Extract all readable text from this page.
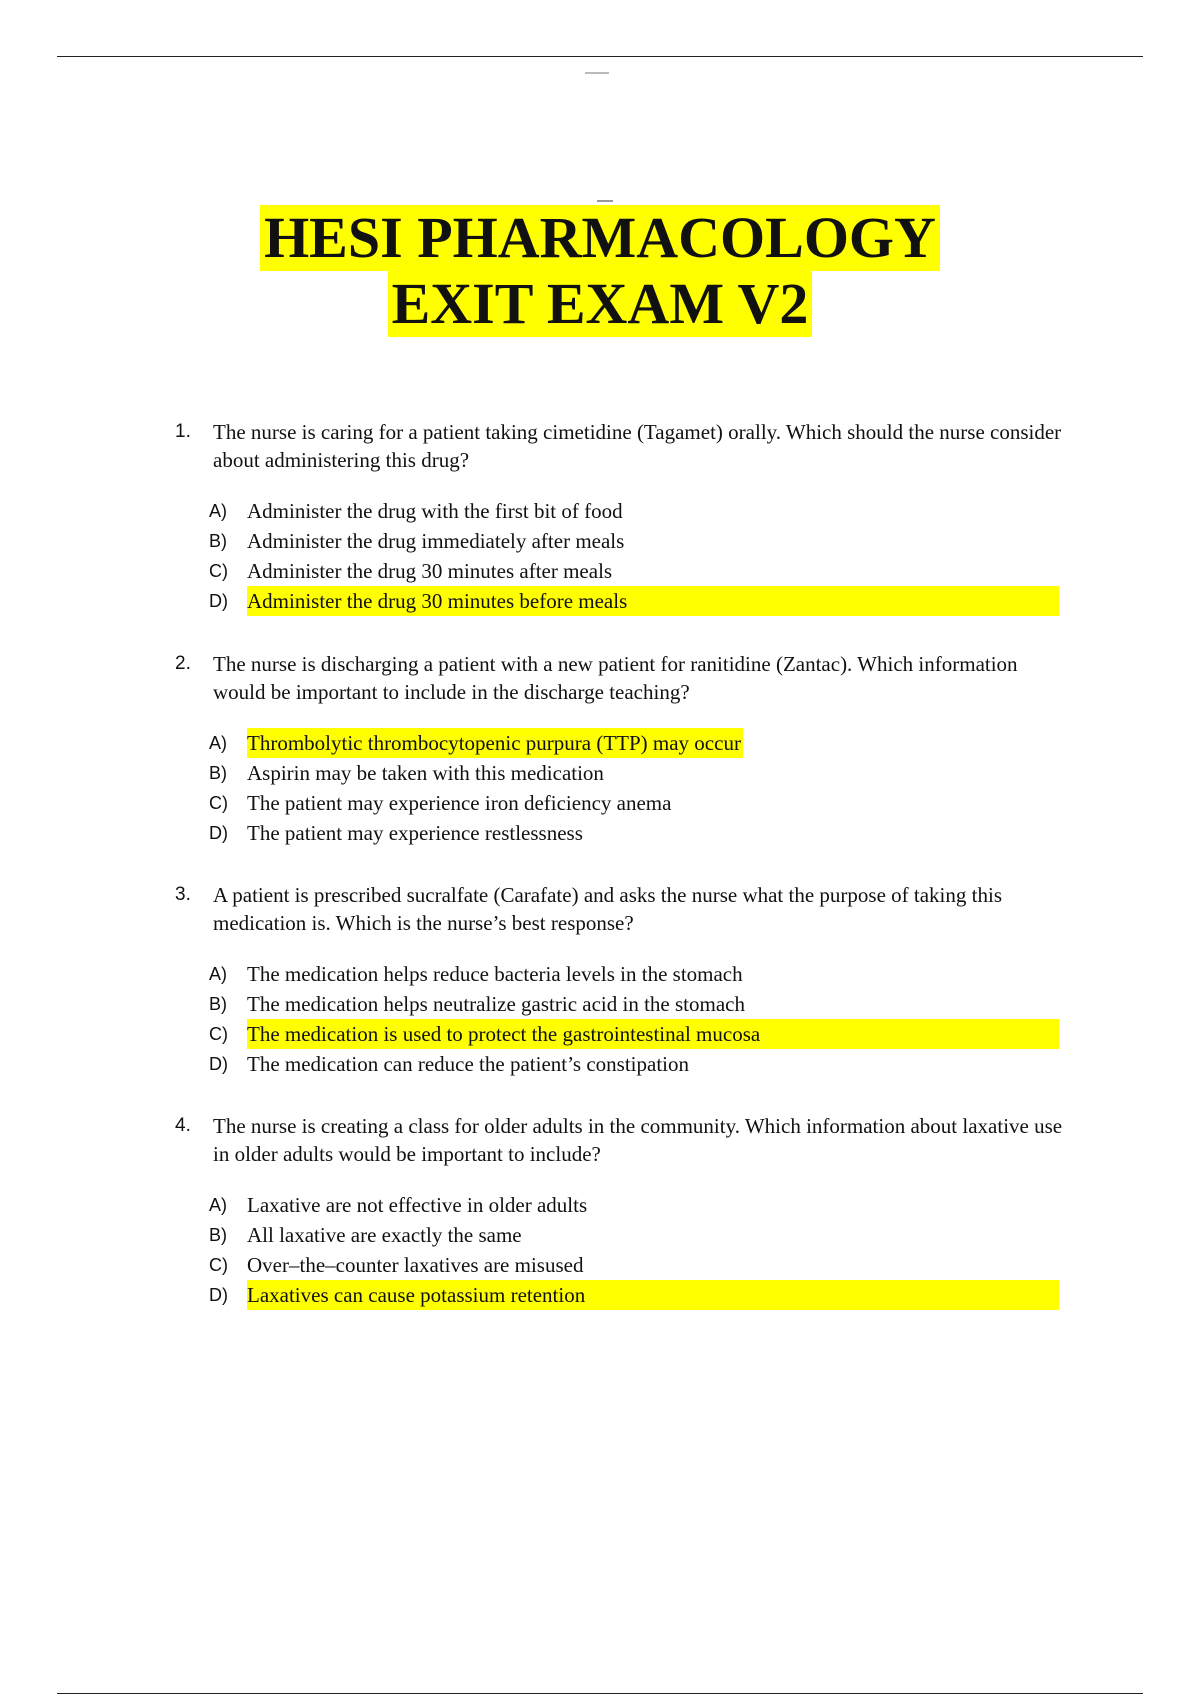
HESI PHARMACOLOGY
EXIT EXAM V2
1. The nurse is caring for a patient taking cimetidine (Tagamet) orally. Which should the nurse consider about administering this drug?
A) Administer the drug with the first bit of food
B) Administer the drug immediately after meals
C) Administer the drug 30 minutes after meals
D) Administer the drug 30 minutes before meals
2. The nurse is discharging a patient with a new patient for ranitidine (Zantac). Which information would be important to include in the discharge teaching?
A) Thrombolytic thrombocytopenic purpura (TTP) may occur
B) Aspirin may be taken with this medication
C) The patient may experience iron deficiency anema
D) The patient may experience restlessness
3. A patient is prescribed sucralfate (Carafate) and asks the nurse what the purpose of taking this medication is. Which is the nurse’s best response?
A) The medication helps reduce bacteria levels in the stomach
B) The medication helps neutralize gastric acid in the stomach
C) The medication is used to protect the gastrointestinal mucosa
D) The medication can reduce the patient’s constipation
4. The nurse is creating a class for older adults in the community. Which information about laxative use in older adults would be important to include?
A) Laxative are not effective in older adults
B) All laxative are exactly the same
C) Over–the–counter laxatives are misused
D) Laxatives can cause potassium retention
